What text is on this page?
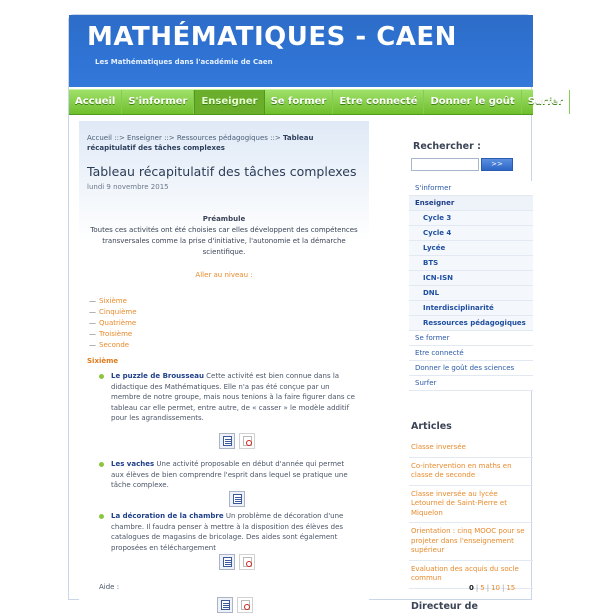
MATHÉMATIQUES - CAEN
Les Mathématiques dans l'académie de Caen
Accueil	S'informer	Enseigner	Se former	Etre connecté	Donner le goût	Surfer
Accueil ::> Enseigner ::> Ressources pédagogiques ::> Tableau récapitulatif des tâches complexes
Tableau récapitulatif des tâches complexes
lundi 9 novembre 2015
Préambule
Toutes ces activités ont été choisies car elles développent des compétences transversales comme la prise d'initiative, l'autonomie et la démarche scientifique.
Aller au niveau :
— Sixième
— Cinquième
— Quatrième
— Troisième
— Seconde
Sixième
Le puzzle de Brousseau Cette activité est bien connue dans la didactique des Mathématiques. Elle n'a pas été conçue par un membre de notre groupe, mais nous tenions à la faire figurer dans ce tableau car elle permet, entre autre, de « casser » le modèle additif pour les agrandissements.
Les vaches Une activité proposable en début d'année qui permet aux élèves de bien comprendre l'esprit dans lequel se pratique une tâche complexe.
La décoration de la chambre Un problème de décoration d'une chambre. Il faudra penser à mettre à la disposition des élèves des catalogues de magasins de bricolage. Des aides sont également proposées en téléchargement
Aide :
Rechercher :
>>
S'informer
Enseigner
Cycle 3
Cycle 4
Lycée
BTS
ICN-ISN
DNL
Interdisciplinarité
Ressources pédagogiques
Se former
Etre connecté
Donner le goût des sciences
Surfer
Articles
Classe inversée
Co-intervention en maths en classe de seconde
Classe inversée au lycée Letournel de Saint-Pierre et Miquelon
Orientation : cinq MOOC pour se projeter dans l'enseignement supérieur
Evaluation des acquis du socle commun
0 | 5 | 10 | 15
Directeur de
